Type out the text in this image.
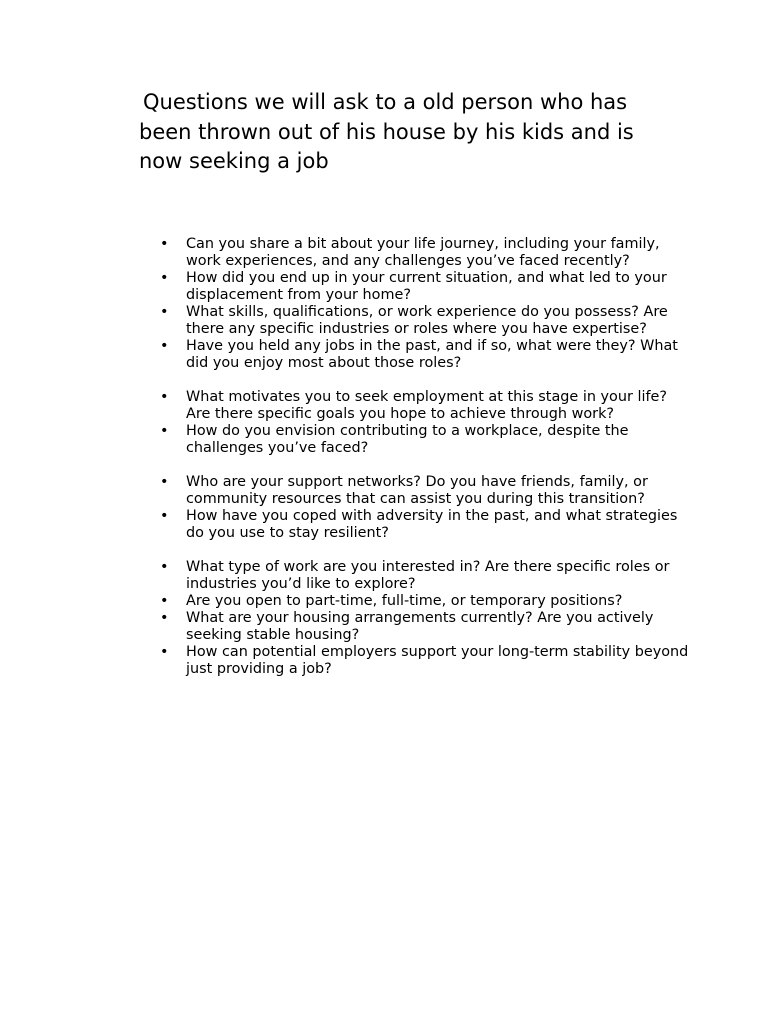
Questions we will ask to a old person who has been thrown out of his house by his kids and is now seeking a job
• Can you share a bit about your life journey, including your family, work experiences, and any challenges you’ve faced recently?
• How did you end up in your current situation, and what led to your displacement from your home?
• What skills, qualifications, or work experience do you possess? Are there any specific industries or roles where you have expertise?
• Have you held any jobs in the past, and if so, what were they? What did you enjoy most about those roles?
• What motivates you to seek employment at this stage in your life? Are there specific goals you hope to achieve through work?
• How do you envision contributing to a workplace, despite the challenges you’ve faced?
• Who are your support networks? Do you have friends, family, or community resources that can assist you during this transition?
• How have you coped with adversity in the past, and what strategies do you use to stay resilient?
• What type of work are you interested in? Are there specific roles or industries you’d like to explore?
• Are you open to part-time, full-time, or temporary positions?
• What are your housing arrangements currently? Are you actively seeking stable housing?
• How can potential employers support your long-term stability beyond just providing a job?
